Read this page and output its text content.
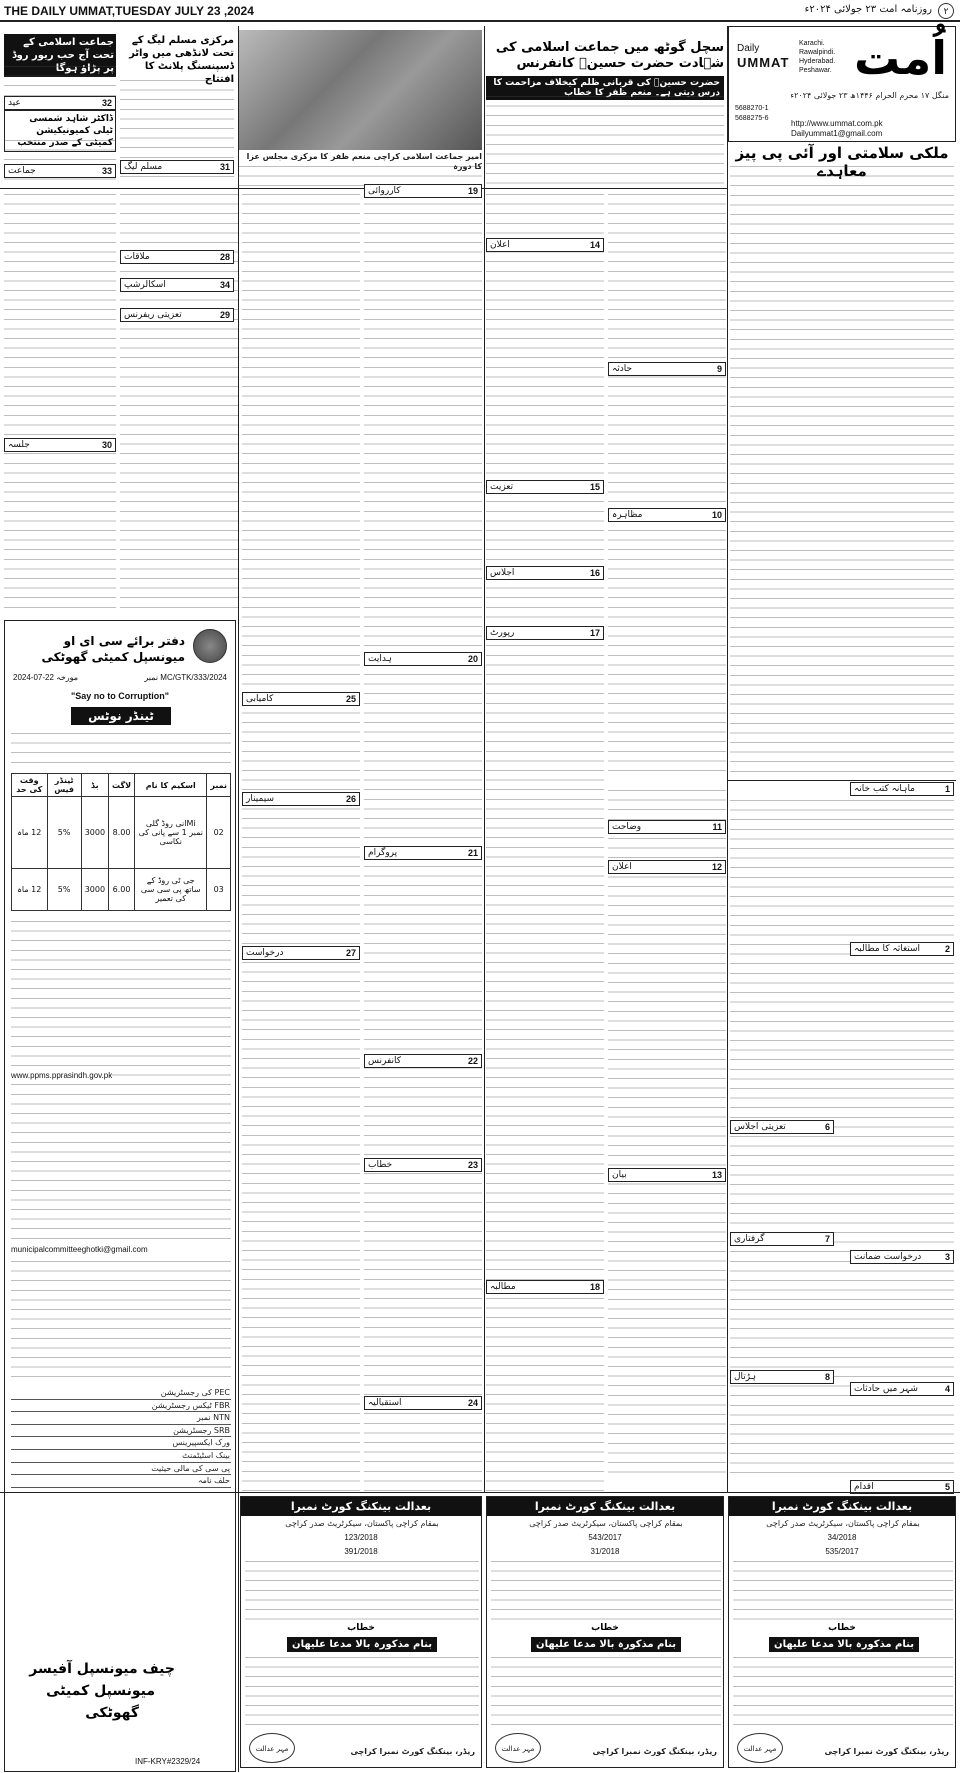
THE DAILY UMMAT,TUESDAY JULY 23 ,2024	روزنامہ امت ۲۳ جولائی ۲۰۲۴ء	۲
اُمت
Daily
UMMAT
Karachi. Rawalpindi. Hyderabad. Peshawar.
منگل ۱۷ محرم الحرام ۱۴۴۶ھ ۲۳ جولائی ۲۰۲۴ء
5688270-1
5688275-6
http://www.ummat.com.pk
Dailyummat1@gmail.com
ملکی سلامتی اور آئی پی پیز معاہدے
سچل گوٹھ میں جماعت اسلامی کی شہادت حضرت حسینؓ کانفرنس
حضرت حسینؓ کی قربانی ظلم کیخلاف مزاحمت کا درس دیتی ہے۔ منعم ظفر کا خطاب
امیر جماعت اسلامی کراچی منعم ظفر کا مرکزی مجلس عزا کا دورہ
مرکزی مسلم لیگ کے تحت لانڈھی میں واٹر ڈسپنسنگ پلانٹ کا افتتاح
جماعت اسلامی کے تحت آج حب ریور روڈ پر پڑاؤ ہوگا
ڈاکٹر شاہد شمسی ٹیلی کمیونیکیشن کمیٹی کے صدر منتخب
ماہانہ کتب خانہ	1
استغاثہ کا مطالبہ	2
درخواست ضمانت	3
شہر میں حادثات	4
اقدام	5
تعزیتی اجلاس	6
گرفتاری	7
ہڑتال	8
حادثہ	9
مظاہرہ	10
وضاحت	11
اعلان	12
بیان	13
اعلان	14
تعزیت	15
اجلاس	16
رپورٹ	17
مطالبہ	18
کارروائی	19
ہدایت	20
پروگرام	21
کانفرنس	22
خطاب	23
استقبالیہ	24
کامیابی	25
سیمینار	26
درخواست	27
ملاقات	28
تعزیتی ریفرنس	29
جلسہ	30
مسلم لیگ	31
عید	32
جماعت	33
اسکالرشپ	34
دفتر برائے سی ای او میونسپل کمیٹی گھوٹکی
نمبر MC/GTK/333/2024
مورخہ 22-07-2024
"Say no to Corruption"
ٹینڈر نوٹس
نمبر	اسکیم کا نام	لاگت	بڈ	ٹینڈر فیس	وقت کی حد
02	Miانی روڈ گلی نمبر 1 سے پانی کی نکاسی	8.00	3000	5%	12 ماہ
03	جی ٹی روڈ کے ساتھ پی سی سی کی تعمیر	6.00	3000	5%	12 ماہ
www.ppms.pprasindh.gov.pk
municipalcommitteeghotki@gmail.com
PEC کی رجسٹریشن
FBR ٹیکس رجسٹریشن
NTN نمبر
SRB رجسٹریشن
ورک ایکسپیرینس
بینک اسٹیٹمنٹ
پی سی کی مالی حیثیت
حلف نامہ
چیف میونسپل آفیسر
میونسپل کمیٹی
گھوٹکی
INF-KRY#2329/24
بعدالت بینکنگ کورٹ نمبرا
بمقام کراچی پاکستان، سیکرٹریٹ صدر کراچی
34/2018
535/2017
خطاب
بنام مذکورہ بالا مدعا علیهان
مہر عدالت	ریڈر، بینکنگ کورٹ نمبرا کراچی
بعدالت بینکنگ کورٹ نمبرا
بمقام کراچی پاکستان، سیکرٹریٹ صدر کراچی
543/2017
31/2018
خطاب
بنام مذکورہ بالا مدعا علیهان
مہر عدالت	ریڈر، بینکنگ کورٹ نمبرا کراچی
بعدالت بینکنگ کورٹ نمبرا
بمقام کراچی پاکستان، سیکرٹریٹ صدر کراچی
123/2018
391/2018
خطاب
بنام مذکورہ بالا مدعا علیهان
مہر عدالت	ریڈر، بینکنگ کورٹ نمبرا کراچی
